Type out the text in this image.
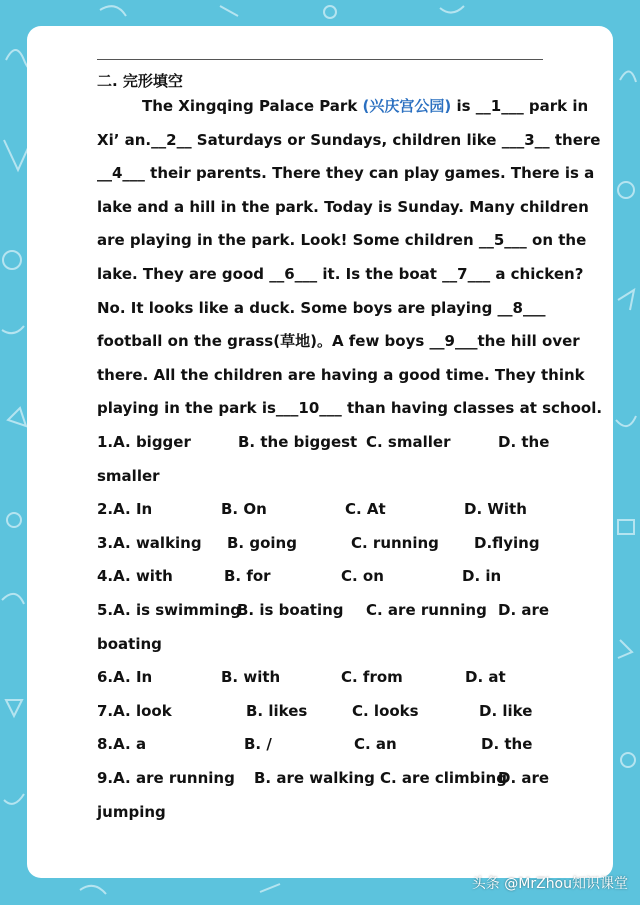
二. 完形填空
The Xingqing Palace Park (兴庆宫公园) is __1___ park in
Xi’ an.__2__ Saturdays or Sundays, children like ___3__ there
__4___ their parents. There they can play games. There is a
lake and a hill in the park. Today is Sunday. Many children
are playing in the park. Look! Some children __5___ on the
lake. They are good __6___ it. Is the boat __7___ a chicken?
No. It looks like a duck. Some boys are playing __8___
football on the grass(草地)。A few boys __9___the hill over
there. All the children are having a good time. They think
playing in the park is___10___ than having classes at school.
1.A. bigger	B. the biggest C. smaller	D. the
smaller
2.A. In	B. On	C. At	D. With
3.A. walking B. going	C. running D.flying
4.A. with	B. for	C. on	D. in
5.A. is swimming
B. is boating C. are running D. are
boating
6.A. In	B. with	C. from	D. at
7.A. look	B. likes	C. looks	D. like
8.A. a	B. /	C. an	D. the
9.A. are running B. are walking C. are climbing
D. are
jumping
头条 @MrZhou知识课堂
